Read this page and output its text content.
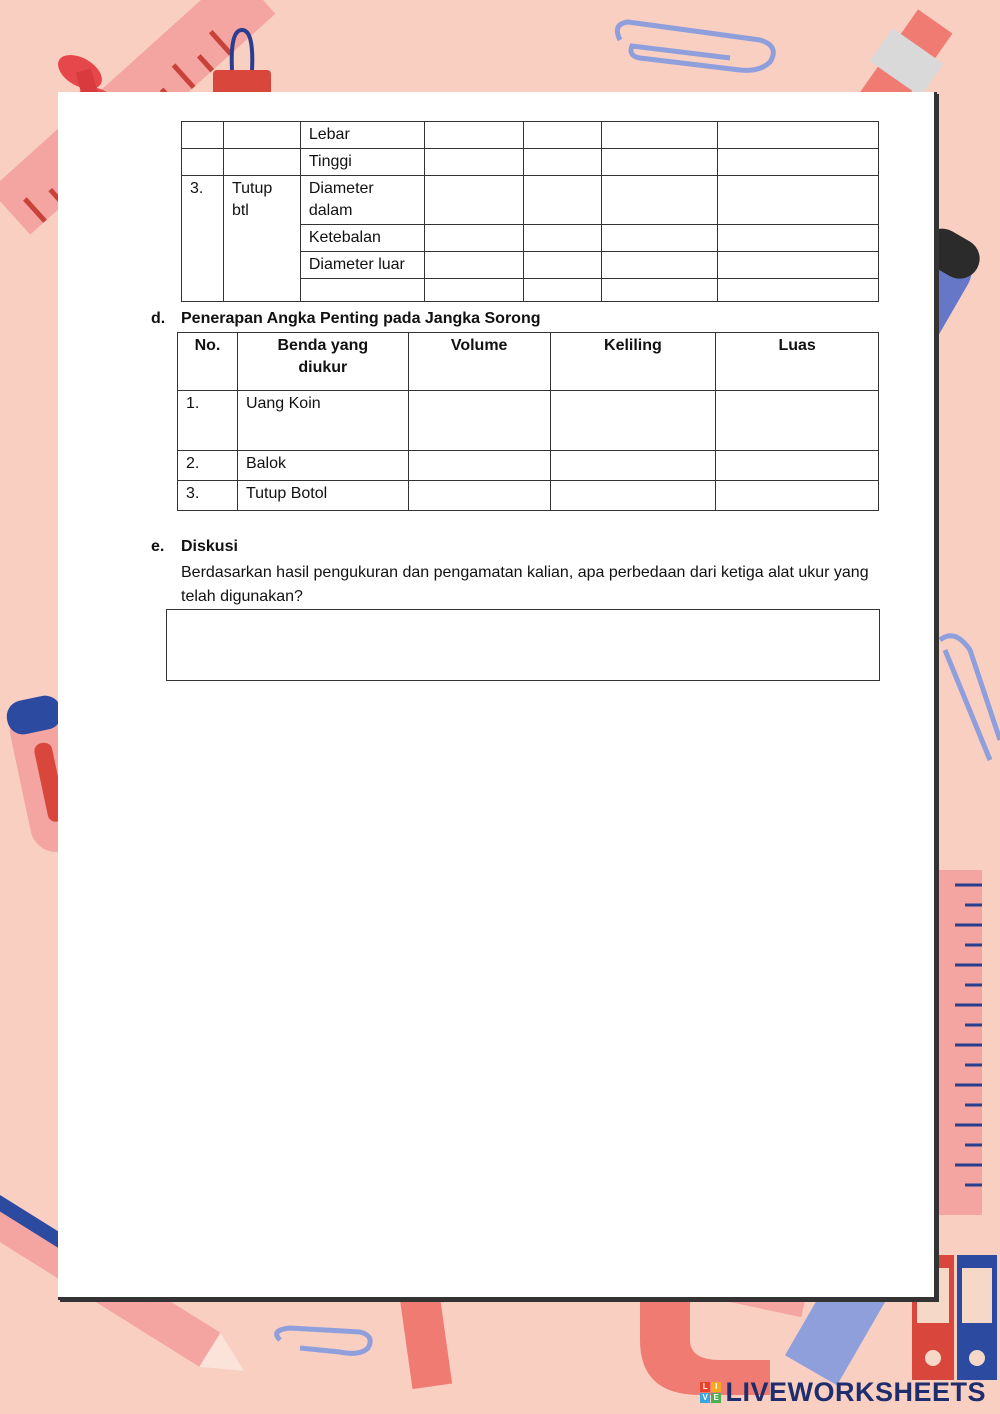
		Lebar				
		Tinggi				
3.	Tutup btl	Diameter dalam				
		Ketebalan				
		Diameter luar				

d. Penerapan Angka Penting pada Jangka Sorong
No.	Benda yang diukur	Volume	Keliling	Luas
1.	Uang Koin			
2.	Balok			
3.	Tutup Botol			
e. Diskusi
Berdasarkan hasil pengukuran dan pengamatan kalian, apa perbedaan dari ketiga alat ukur yang telah digunakan?
L I
V E LIVEWORKSHEETS
